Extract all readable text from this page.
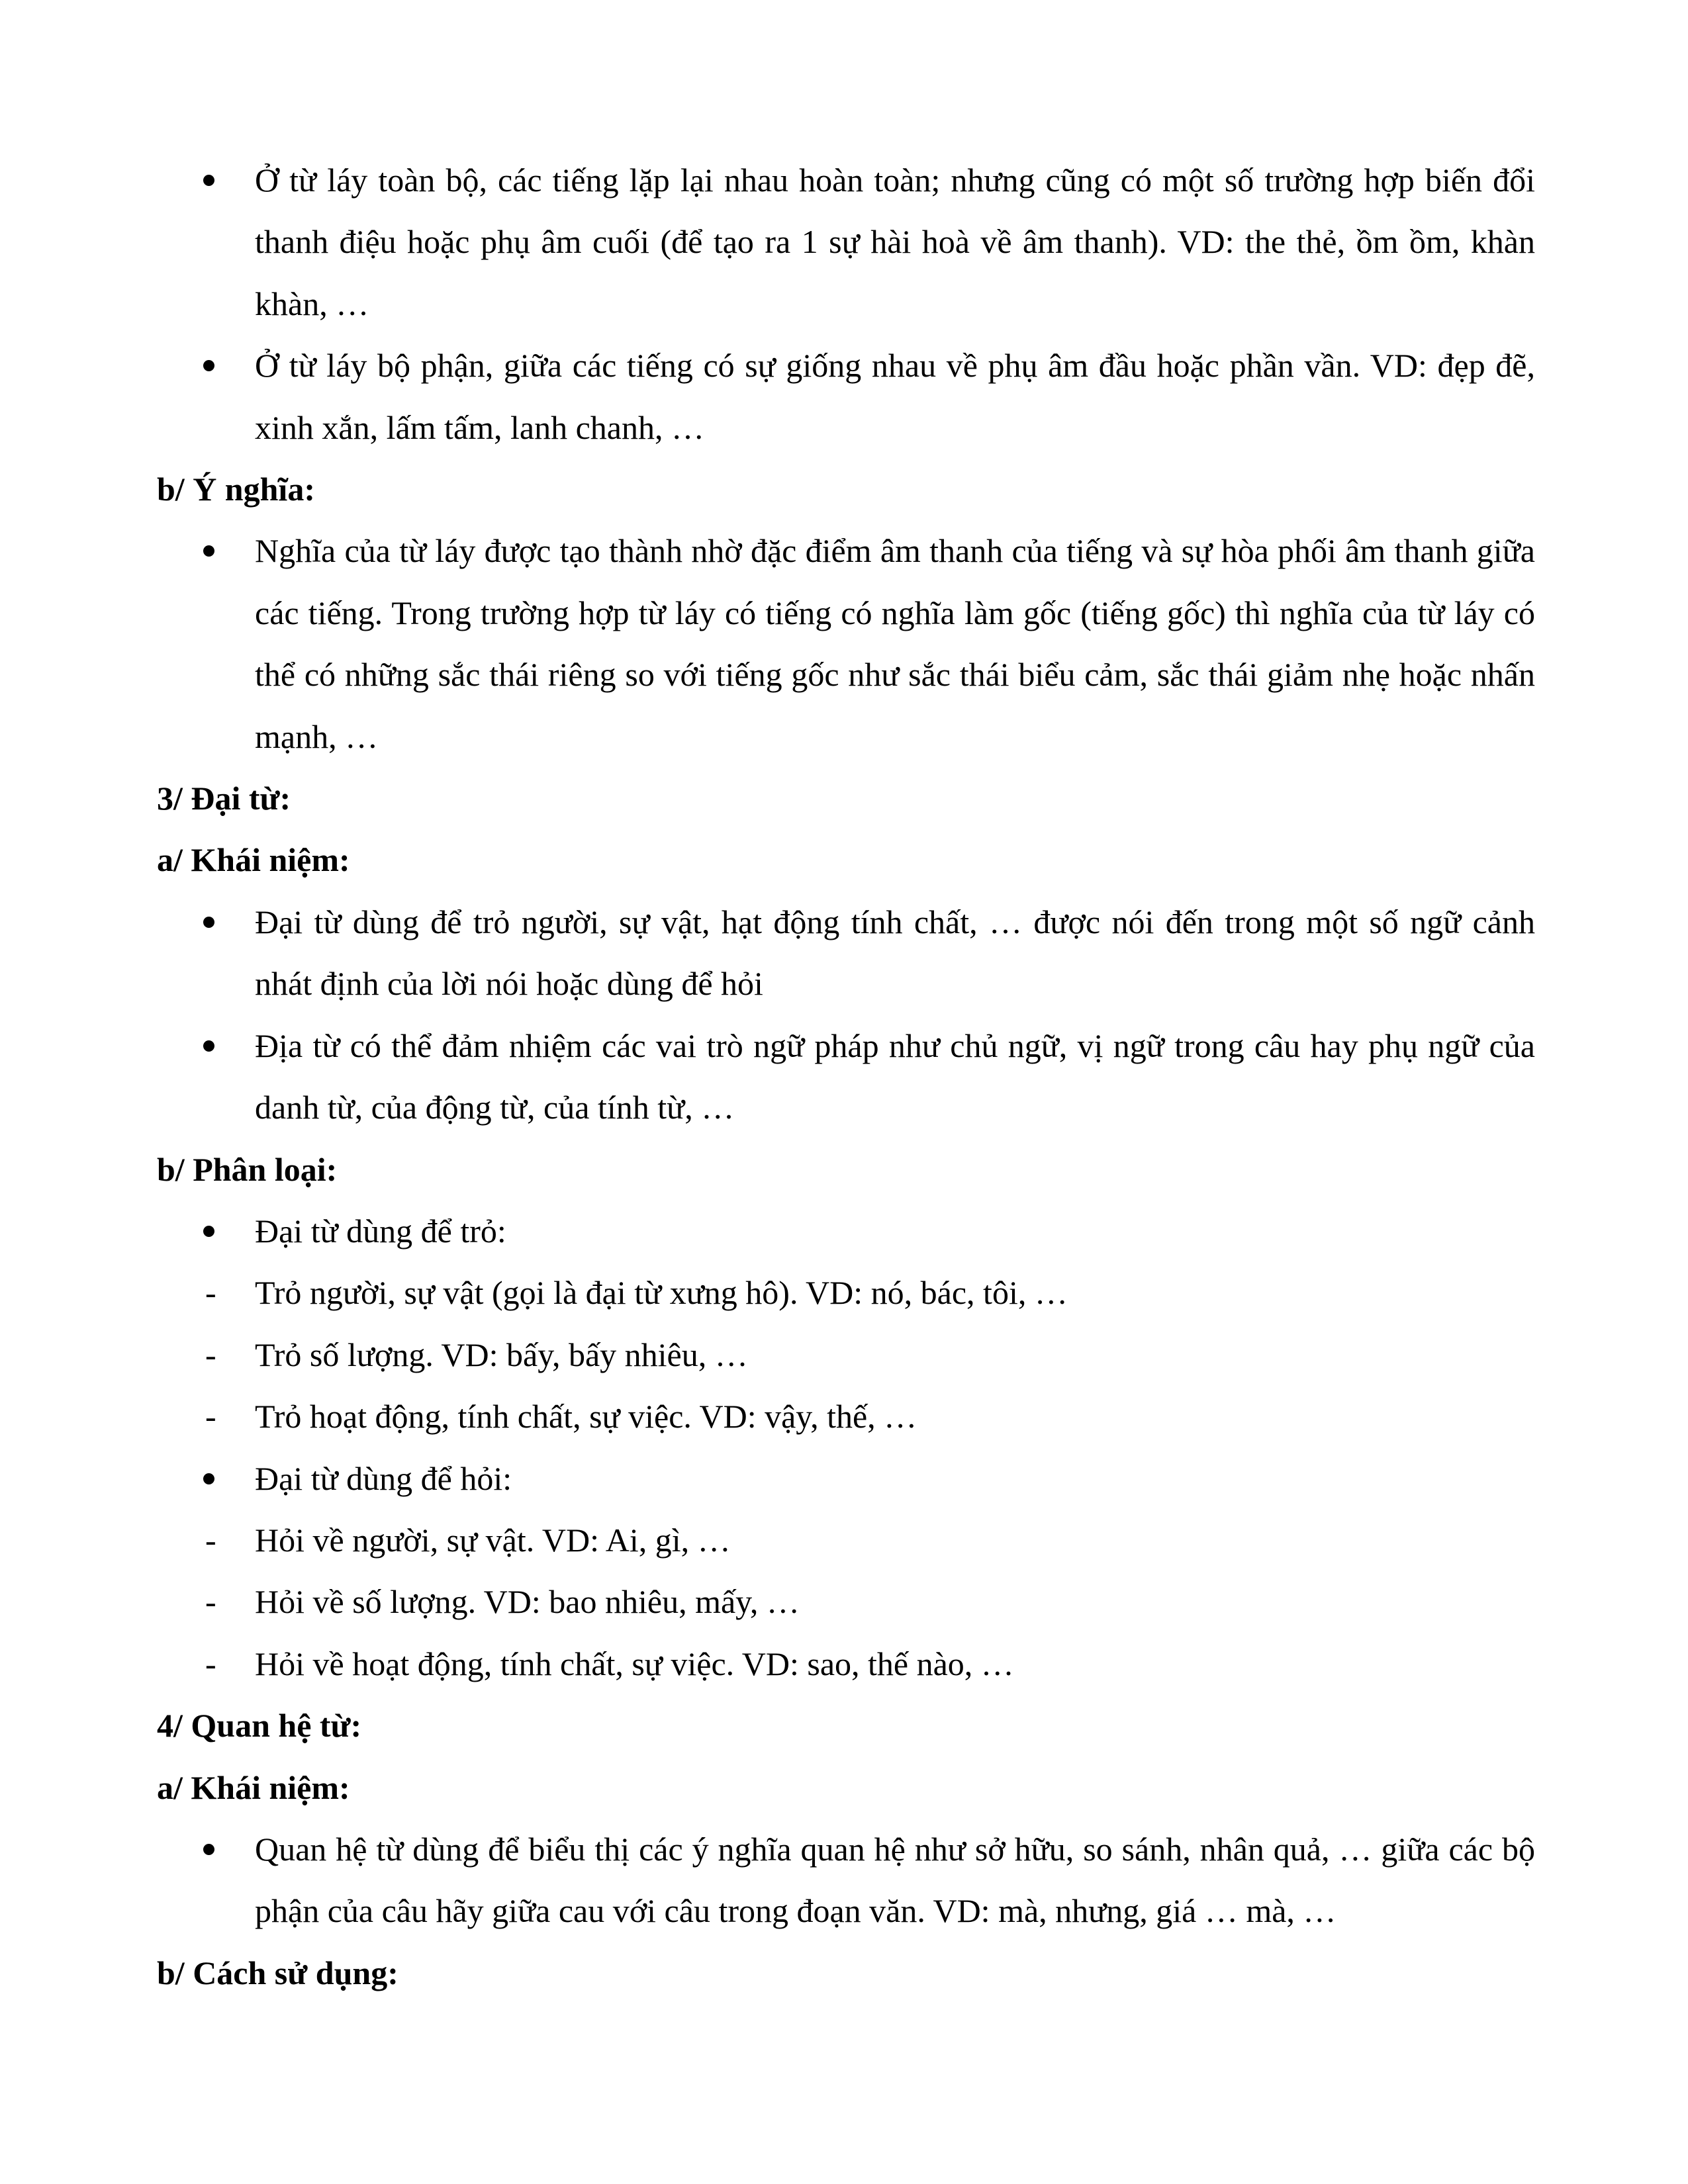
Ở từ láy toàn bộ, các tiếng lặp lại nhau hoàn toàn; nhưng cũng có một số trường hợp biến đổi thanh điệu hoặc phụ âm cuối (để tạo ra 1 sự hài hoà về âm thanh). VD: the thẻ, ồm ồm, khàn khàn, …
Ở từ láy bộ phận, giữa các tiếng có sự giống nhau về phụ âm đầu hoặc phần vần. VD: đẹp đẽ, xinh xắn, lấm tấm, lanh chanh, …
b/ Ý nghĩa:
Nghĩa của từ láy được tạo thành nhờ đặc điểm âm thanh của tiếng và sự hòa phối âm thanh giữa các tiếng. Trong trường hợp từ láy có tiếng có nghĩa làm gốc (tiếng gốc) thì nghĩa của từ láy có thể có những sắc thái riêng so với tiếng gốc như sắc thái biểu cảm, sắc thái giảm nhẹ hoặc nhấn mạnh, …
3/ Đại từ:
a/ Khái niệm:
Đại từ dùng để trỏ người, sự vật, hạt động tính chất, … được nói đến trong một số ngữ cảnh nhát định của lời nói hoặc dùng để hỏi
Địa từ có thể đảm nhiệm các vai trò ngữ pháp như chủ ngữ, vị ngữ trong câu hay phụ ngữ của danh từ, của động từ, của tính từ, …
b/ Phân loại:
Đại từ dùng để trỏ:
- Trỏ người, sự vật (gọi là đại từ xưng hô). VD: nó, bác, tôi, …
- Trỏ số lượng. VD: bấy, bấy nhiêu, …
- Trỏ hoạt động, tính chất, sự việc. VD: vậy, thế, …
Đại từ dùng để hỏi:
- Hỏi về người, sự vật. VD: Ai, gì, …
- Hỏi về số lượng. VD: bao nhiêu, mấy, …
- Hỏi về hoạt động, tính chất, sự việc. VD: sao, thế nào, …
4/ Quan hệ từ:
a/ Khái niệm:
Quan hệ từ dùng để biểu thị các ý nghĩa quan hệ như sở hữu, so sánh, nhân quả, … giữa các bộ phận của câu hãy giữa cau với câu trong đoạn văn. VD: mà, nhưng, giá … mà, …
b/ Cách sử dụng:
